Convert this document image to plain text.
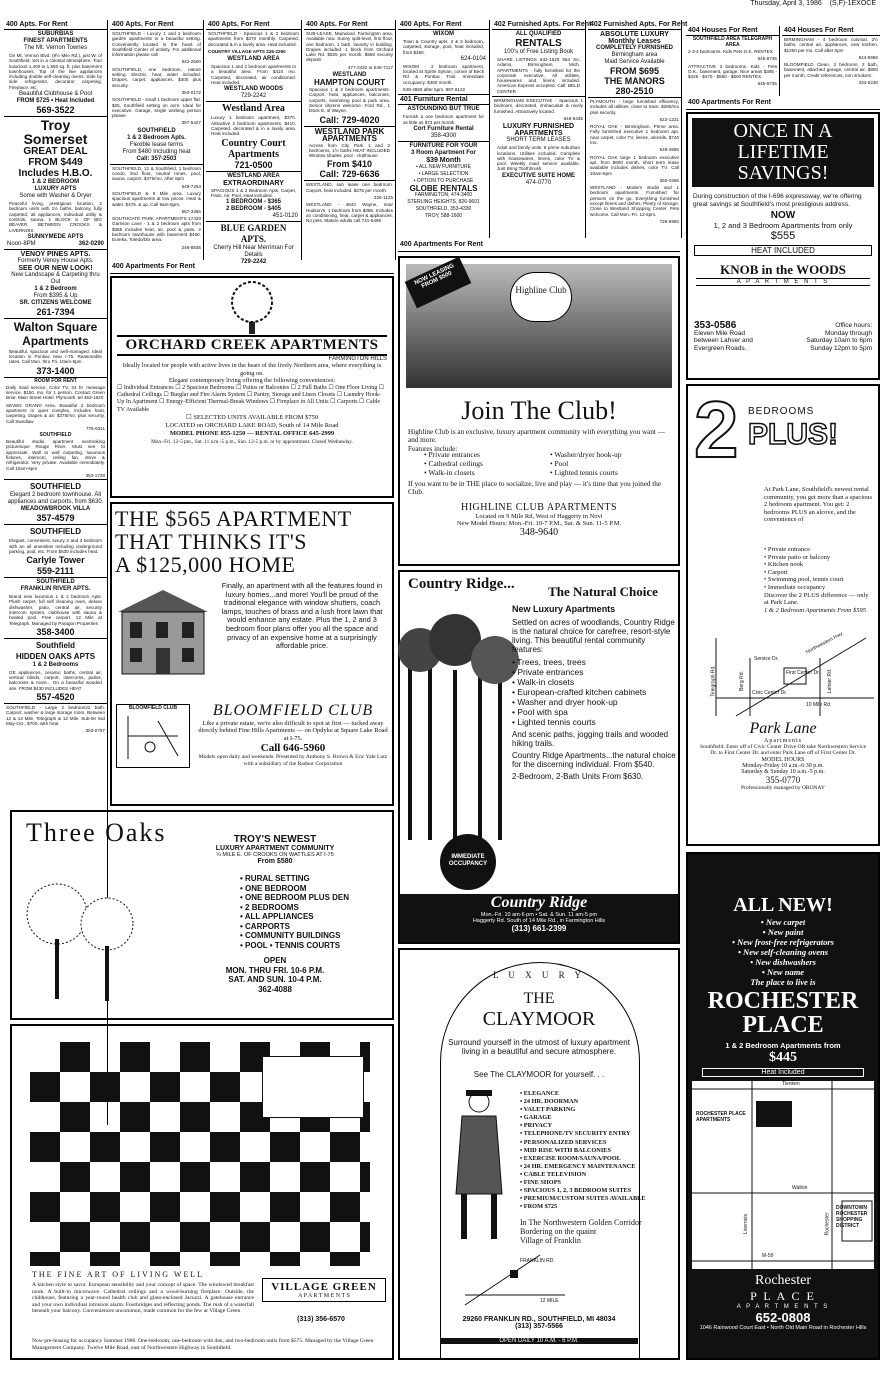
Thursday, April 3, 1986 (S,F)-1EXOCE
400 Apts. For Rent
SUBURBIAS
FINEST APARTMENTS
The Mt. Vernon Townes
On Mt. Vernon Blvd. (9½ Mile Rd.), just W. of Southfield. Set in a colonial atmosphere. Tour luxurious 1,400 to 1,850 sq. ft. plus basement townhouses. Top of the line appliances including double self-cleaning ovens. Side by side refrigerator, decorator carpeting, Fireplace, etc.
Beautiful Clubhouse & Pool
FROM $725 • Heat Included
569-3522
Troy Somerset
GREAT DEAL
FROM $449
Includes H.B.O.
1 & 2 BEDROOM
LUXURY APTS
Some with Washer & Dryer
Peaceful living, prestigious location, 2 bedroom units with 1½ baths, balcony, fully carpeted, all appliances, individual utility & controls, sauna. 1 BLOCK S. OF BIG BEAVER, BETWEEN CROOKS & LIVERNOIS
SUNNYMEDE APTS
Noon-8PM	362-0290
VENOY PINES APTS.
Formerly Venoy House Apts.
SEE OUR NEW LOOK!
New Landscape & Carpeting thru Out
1 & 2 Bedroom
From $395 & Up
SR. CITIZENS WELCOME
261-7394
Walton Square
Apartments
Beautiful, spacious and well-managed. Ideal location in Pontiac near I-75. Reasonable rates. Call Mon. thru Fri. 10am-5pm
373-1400
ROOM FOR RENT
Daily maid service, Color TV, 24 hr. message service, $150. mo. for 1 person. Contact Green Briar. Main Street Hotel. Plymouth. tel 453-1620
SEVEN GRAND Area. Beautiful 2 bedroom apartment in quiet complex, includes heat, carpeting, drapes & air. $375/mo. plus security. Call Swedlaw
775-6311
SOUTHFIELD
Beautiful studio apartment overlooking picturesque Rouge River. Must see to appreciate. Wall to wall carpeting, luxurious fixtures, intercom, ceiling fan, stove & refrigerator. Very private. Available immediately. Call 10am-6pm
353-1728
SOUTHFIELD
Elegant 2 bedroom townhouse. All appliances and carports, from $630.
MEADOWBROOK VILLA
357-4579
SOUTHFIELD
Elegant, convenient, luxury 2 and 3 bedroom with an all amenities including underground parking, pool, etc. From $630 includes heat.
Carlyle Tower
559-2111
SOUTHFIELD
FRANKLIN RIVER APTS.
Brand new luxurious 1 & 2 bedroom Apts. Plush carpet, full self cleaning oven, deluxe dishwasher, patio, central air, security intercom system, clubhouse with sauna & heated pool. Free carport. 12 Mile at Telegraph. Managed by Paragon Properties
358-3400
Southfield
HIDDEN OAKS APTS
1 & 2 Bedrooms
GE appliances, ceramic baths, central air, vertical blinds, carport, intercoms, patios, balconies & more... On a beautiful wooded site. FROM $430 INCLUDES HEAT
557-4520
SOUTHFIELD - Large 2 bedroom/2 bath. Carport, washer & large storage room. Between 12 & 13 Mile, Telegraph & 12 Mile. Sub-let mid May-Oct., $700. with heat
353-0757
400 Apts. For Rent
SOUTHFIELD - Luxury 1 and 2 bedroom garden apartments in a beautiful setting. Conveniently located in the heart of Southfield Center of activity. For additional information please call
642-2500
SOUTHFIELD, one bedroom, nature setting. Electric, heat, water included. Drapes, carpet, appliances. $400 plus security.
353-0172
SOUTHFIELD - small 1 bedroom upper flat. $25, Southfield setting on acre. Ideal for executive. Garage, single working person please.
357-5427
SOUTHFIELD
1 & 2 Bedroom Apts.
Flexible lease terms
From $480 Including heat
Call: 357-2503
SOUTHFIELD, 12 & Southfield, 1 bedroom condo, 2nd floor, neutral tones, pool, sauna, carport. $475/mo. After 6pm
549-7253
SOUTHFIELD & 9 Mile area. Luxury spacious apartments at low prices. Heat & water. $475. & up. Call 9am-5pm.
557-3366
SOUTHGATE PARK APARTMENTS 17420 Garrison Lane - 1 & 2 bedroom apts from $365 includes heat, air, pool & patio. 2 bedroom townhouse with basement $460. Eureka, Toledo/Dix area.
246-8835
400 Apts. For Rent
SOUTHFIELD - Spacious 1 & 2 bedroom apartments from $370 monthly. Carpeted, decorated & in a lovely area. Heat included.
COUNTRY VILLAGE APTS 226-2260
WESTLAND AREA
Spacious 1 and 2 bedroom apartments in a beautiful area. From $410 mo. Carpeted, decorated, air conditioned. Heat included.
WESTLAND WOODS
729-2242
Westland Area
Luxury 1 bedroom apartment, $370. Attractive 2 bedroom apartments, $410. Carpeted, decorated & in a lovely area. Heat included.
Country Court
Apartments
721-0500
WESTLAND AREA
EXTRAORDINARY
SPACIOUS 1 & 2 Bedroom Apts. Carpet, Patio, Air, Pool, Heat included.
1 BEDROOM - $365
2 BEDROOM - $405
451-0120
BLUE GARDEN APTS.
Cherry Hill Near Merriman For Details
729-2242
400 Apts. For Rent
SUB-LEASE, Muirwood, Farmington area. Available now. Sunny split-level, first floor, one bedroom, 1 bath, laundry in building. Drapes included. 1 block from Orchard Lake Rd. $525 per month. $550 security deposit.
477-2432 or 549-7117
WESTLAND
HAMPTON COURT
Spacious 1 & 2 bedroom apartments. Carport, heat, appliances, balconies, carports, swimming pool & park area. Senior citizens welcome. Ford Rd., 1 block E. of Wayne.
Call: 729-4020
WESTLAND PARK
APARTMENTS
Across from City Park 1 and 2 bedrooms, 1½ baths HEAT INCLUDED Window shades, pool - clubhouse
From $410
Call: 729-6636
WESTLAND, sub lease one bedroom. Carport, heat included. $375 per month.
326-1125
WESTLAND - 4843 Wayne, near Hudson's. 1 bedroom from $365. Includes air conditioning, heat, carpet & appliances. No pets. Mature adults call 721-6468
400 Apts. For Rent
WIXOM
Town & Country apts. 2 & 3 bedroom, carpeted, storage, pool, heat included, from $350.
624-0104
WIXOM - 2 bedroom apartment, located at Sprite Sylvan, corner of Beck Rd & Pontiac Trail. Immediate occupancy. $460 month.
549-4555 after 5pm. 887-9122
401 Furniture Rental
ASTOUNDING BUT TRUE
Furnish a one bedroom apartment for as little as $73 per month.
Cort Furniture Rental
358-4300
FURNITURE FOR YOUR
3 Room Apartment For
$39 Month
• ALL NEW FURNITURE
• LARGE SELECTION
• OPTION TO PURCHASE
GLOBE RENTALS
FARMINGTON, 474-3400
STERLING HEIGHTS, 826-9601
SOUTHFIELD, 353-4330
TROY, 588-1600
402 Furnished Apts. For Rent
ALL QUALIFIED
RENTALS
100's of Free Listing Book
SHARE LISTINGS 642-1620 554 So. Adams, Birmingham, Mich. APARTMENTS - fully furnished for the corporate executive. All utilities, housewares and linens included. American Express accepted. Call: BELD CENTER
BIRMINGHAM EXECUTIVE - Spacious 1 bedroom, decorated, immaculate & nicely furnished. Attractively located.
646-5435
LUXURY FURNISHED
APARTMENTS
SHORT TERM LEASES
Adult and family units. 8 prime suburban locations. Utilities included. Complete with housewares, linens, color TV & pool. Weekly maid service available. Just Bring Toothbrush.
EXECUTIVE SUITE HOME
474-0770
402 Furnished Apts. For Rent
ABSOLUTE LUXURY
Monthly Leases
COMPLETELY FURNISHED
Birmingham area
Maid Service Available
FROM $695
THE MANORS
280-2510
PLYMOUTH - large furnished efficiency, includes all utilities, close to town. $280/mo plus security.
522-1221
ROYAL OAK - Birmingham. Prime area. Fully furnished executive 1 bedroom apt. near carpet, color TV, linens, utensils. $740 mo.
546-4586
ROYAL OAK large 1 bedroom executive apt. from $600 month, short term lease available includes dishes, color TV. Call 10am-6pm
350-4356
WESTLAND - Modern studio and 1 bedroom apartments. Furnished for persons on the go. Everything furnished except linens and dishes. Plenty of storage. Close to Westland Shopping Center. Pets welcome. Call Mon.-Fri. 12-6pm.
728-6960
404 Houses For Rent
SOUTHFIELD AREA TELEGRAPH AREA
2-3-4 bedrooms. Kids Pets O.K. RENTEX.
645-9735
ATTRACTIVE 3 bedrooms. Kids - Pets O.K., basement, garage. Nice areas $395 - $425 - $475 - $550 - $600 RENTEX.
645-9735
404 Houses For Rent
BIRMINGHAM - 4 bedroom colonial, 2½ baths, central air, appliances, new kitchen, $1250 per mo. Call after 6pm
644-5966
BLOOMFIELD Clean, 3 bedroom, 2 bath, basement, attached garage, central air. $850 per month. Credit references, non smokers.
334-6236
400 Apartments For Rent
400 Apartments For Rent
ORCHARD CREEK APARTMENTS
FARMINGTON HILLS
Ideally located for people with active lives in the heart of the lively Northern area, where everything is going on.
Elegant contemporary living offering the following conveniences:
☐ Individual Entrances ☐ 2 Spacious Bedrooms ☐ Patios or Balconies ☐ 2 Full Baths ☐ One Floor Living ☐ Cathedral Ceilings ☐ Burglar and Fire Alarm System ☐ Pantry, Storage and Linen Closets ☐ Laundry Hook-Up In Apartment ☐ Energy-Efficient Thermal-Break Windows ☐ Fireplace in All Units ☐ Carports ☐ Cable TV Available
☐ SELECTED UNITS AVAILABLE FROM $750
LOCATED on ORCHARD LAKE ROAD, South of 14 Mile Road
MODEL PHONE 855-1250 — RENTAL OFFICE 645-2999
Mon.-Fri. 12-5 pm., Sat. 11 a.m.-5 p.m., Sun. 12-5 p.m. or by appointment. Closed Wednesday.
THE $565 APARTMENT
THAT THINKS IT'S
A $125,000 HOME
Finally, an apartment with all the features found in luxury homes...and more! You'll be proud of the traditional elegance with window shutters, coach lamps, touches of brass and a lush front lawn that would enhance any estate. Plus the 1, 2 and 3 bedroom floor plans offer you all the space and privacy of an expensive home at a surprisingly affordable price.
BLOOMFIELD CLUB	BLOOMFIELD CLUB
Like a private estate, we're also difficult to spot at first — tucked away directly behind Fine Hills Apartments — on Opdyke at Square Lake Road at I-75.
Call 646-5960
Models open daily and weekends. Presented by Anthony S. Brown & Eric Yale Lutz with a subsidiary of the Radnor Corporation
Three Oaks	TROY'S NEWEST
LUXURY APARTMENT COMMUNITY
¼ MILE E. OF CROOKS ON WATTLES AT I-75
From $580
• RURAL SETTING
• ONE BEDROOM
• ONE BEDROOM PLUS DEN
• 2 BEDROOMS
• ALL APPLIANCES
• CARPORTS
• COMMUNITY BUILDINGS
• POOL • TENNIS COURTS
OPEN
MON. THRU FRI. 10-6 P.M.
SAT. AND SUN. 10-4 P.M.
362-4088
THE FINE ART OF LIVING WELL
A kitchen style to savor. European sensibility and your concept of space. The windowed breakfast nook. A built-in microwave. Cathedral ceilings and a wood-burning fireplace. Outside, the clubhouse, featuring a year-round health club and glass-enclosed Jacuzzi. A gatehouse entrance and your own individual intrusion alarm. Footbridges and reflecting ponds. The rush of a waterfall beneath your balcony. Conveniences uncommon, made common for the few at Village Green
VILLAGE GREEN
A P A R T M E N T S
(313) 356-6570
Now pre-leasing for occupancy Summer 1986. One-bedroom, one-bedroom with den, and two-bedroom units from $575. Managed by the Village Green Management Company. Twelve Mile Road, east of Northwestern Highway in Southfield.
400 Apartments For Rent
NOW LEASING FROM $500
Highline Club
Join The Club!
Highline Club is an exclusive, luxury apartment community with everything you want — and more.
Features include:
• Private entrances
• Cathedral ceilings
• Walk-in closets
• Washer/dryer hook-up
• Pool
• Lighted tennis courts
If you want to be in THE place to socialize, live and play — it's time that you joined the Club.
HIGHLINE CLUB APARTMENTS
Located on 9 Mile Rd, West of Haggerty in Novi
New Model Hours: Mon.-Fri. 10-7 P.M., Sat. & Sun. 11-5 P.M.
348-9640
Country Ridge...	The Natural Choice
New Luxury Apartments
Settled on acres of woodlands, Country Ridge is the natural choice for carefree, resort-style living. This beautiful rental community features:
• Trees, trees, trees
• Private entrances
• Walk-in closets
• European-crafted kitchen cabinets
• Washer and dryer hook-up
• Pool with spa
• Lighted tennis courts
And scenic paths, jogging trails and wooded hiking trails.
Country Ridge Apartments...the natural choice for the discerning individual. From $540.
2-Bedroom, 2-Bath Units From $630.
IMMEDIATE
OCCUPANCY
Country Ridge
Mon.-Fri. 10 am-6 pm • Sat. & Sun. 11 am-5 pm
Haggerty Rd. South of 14 Mile Rd., in Farmington Hills
(313) 661-2399
L U X U R Y
THE
CLAYMOOR
Surround yourself in the utmost of luxury apartment living in a beautiful and secure atmosphere.
See The CLAYMOOR for yourself. . .
• ELEGANCE
• 24 HR. DOORMAN
• VALET PARKING
• GARAGE
• PRIVACY
• TELEPHONE/TV SECURITY ENTRY
• PERSONALIZED SERVICES
• MID RISE WITH BALCONIES
• EXERCISE ROOM/SAUNA/POOL
• 24 HR. EMERGENCY MAINTENANCE
• CABLE TELEVISION
• FINE SHOPS
• SPACIOUS 1, 2, 3 BEDROOM SUITES
• PREMIUM/CUSTOM SUITES AVAILABLE
• FROM $725
In The Northwestern Golden Corridor
Bordering on the quaint
Village of Franklin
FRANKLIN RD.
12 MILE
29260 FRANKLIN RD., SOUTHFIELD, MI 48034
(313) 357-5566
OPEN DAILY 10 A.M. - 6 P.M.
ONCE IN A
LIFETIME
SAVINGS!
During construction of the I-696 expressway, we're offering great savings at Southfield's most prestigious address.
NOW
1, 2 and 3 Bedroom Apartments from only
$555
HEAT INCLUDED
KNOB in the WOODS
A P A R T M E N T S
353-0586
Eleven Mile Road
between Lahser and
Evergreen Roads.
Office hours:
Monday through
Saturday 10am to 6pm
Sunday 12pm to 5pm
2 BEDROOMS
PLUS!
At Park Lane, Southfield's newest rental community, you get more than a spacious 2 bedroom apartment. You get: 2 bedrooms PLUS an alcove, and the convenience of
• Private entrance
• Private patio or balcony
• Kitchen nook
• Carport
• Swimming pool, tennis court
• Immediate occupancy
Discover the 2 PLUS difference — only at Park Lane.
1 & 2 Bedroom Apartments From $595
Northwestern Hwy.
Service Dr.
Telegraph Rd.	Berg Rd.
Civic Center Dr.
10 Mile Rd.
Lahser Rd.
First Center Dr.
Park Lane
Apartments
Southfield: Enter off of Civic Center Drive OR take Northwestern Service Dr. to First Center Dr. and enter Park Lane off of First Center Dr.
MODEL HOURS
Monday-Friday 10 a.m.-6:30 p.m.
Saturday & Sunday 10 a.m.-5 p.m.
355-0770
Professionally managed by ORONAY
ALL NEW!
• New carpet
• New paint
• New frost-free refrigerators
• New self-cleaning ovens
• New dishwashers
• New name
The place to live is
ROCHESTER
PLACE
1 & 2 Bedroom Apartments from
$445
Heat Included
Tienken
ROCHESTER PLACE APARTMENTS
Walton
DOWNTOWN ROCHESTER SHOPPING DISTRICT
M-59
Livernois	Rochester
Rochester
P L A C E
A P A R T M E N T S
652-0808
1046 Rainwood Court East • North Old Main Road in Rochester Hills
